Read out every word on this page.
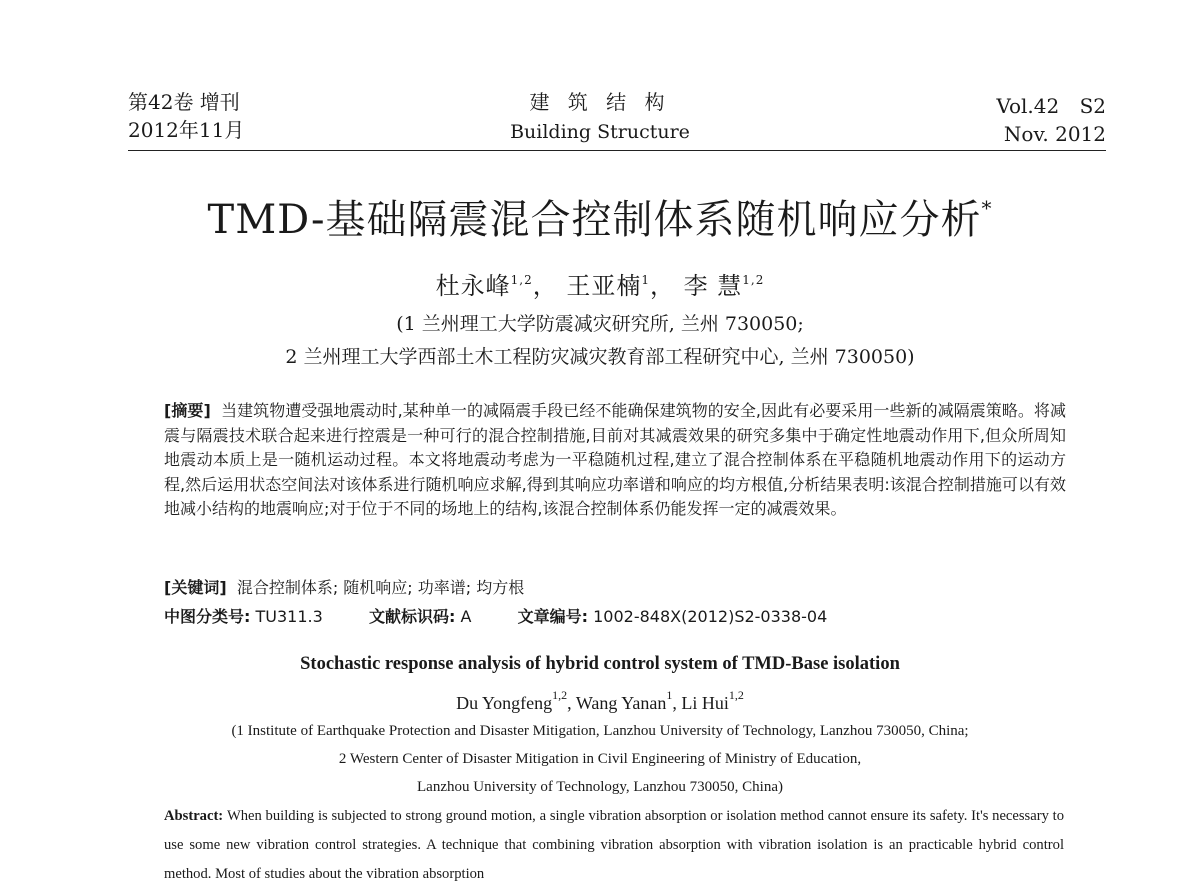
第42卷 增刊
2012年11月
建 筑 结 构
Building Structure
Vol.42 S2
Nov. 2012
TMD-基础隔震混合控制体系随机响应分析*
杜永峰$^{1,2}$， 王亚楠$^1$， 李 慧$^{1,2}$
(1 兰州理工大学防震减灾研究所, 兰州 730050;
2 兰州理工大学西部土木工程防灾减灾教育部工程研究中心, 兰州 730050)
[摘要] 当建筑物遭受强地震动时,某种单一的减隔震手段已经不能确保建筑物的安全,因此有必要采用一些新的减隔震策略。将减震与隔震技术联合起来进行控震是一种可行的混合控制措施,目前对其减震效果的研究多集中于确定性地震动作用下,但众所周知地震动本质上是一随机运动过程。本文将地震动考虑为一平稳随机过程,建立了混合控制体系在平稳随机地震动作用下的运动方程,然后运用状态空间法对该体系进行随机响应求解,得到其响应功率谱和响应的均方根值,分析结果表明:该混合控制措施可以有效地减小结构的地震响应;对于位于不同的场地上的结构,该混合控制体系仍能发挥一定的减震效果。
[关键词] 混合控制体系; 随机响应; 功率谱; 均方根
中图分类号: TU311.3	文献标识码: A	文章编号: 1002-848X(2012)S2-0338-04
Stochastic response analysis of hybrid control system of TMD-Base isolation
Du Yongfeng$^{1,2}$, Wang Yanan$^1$, Li Hui$^{1,2}$
(1 Institute of Earthquake Protection and Disaster Mitigation, Lanzhou University of Technology, Lanzhou 730050, China;
2 Western Center of Disaster Mitigation in Civil Engineering of Ministry of Education,
Lanzhou University of Technology, Lanzhou 730050, China)
Abstract: When building is subjected to strong ground motion, a single vibration absorption or isolation method cannot ensure its safety. It's necessary to use some new vibration control strategies. A technique that combining vibration absorption with vibration isolation is an practicable hybrid control method. Most of studies about the vibration absorption
